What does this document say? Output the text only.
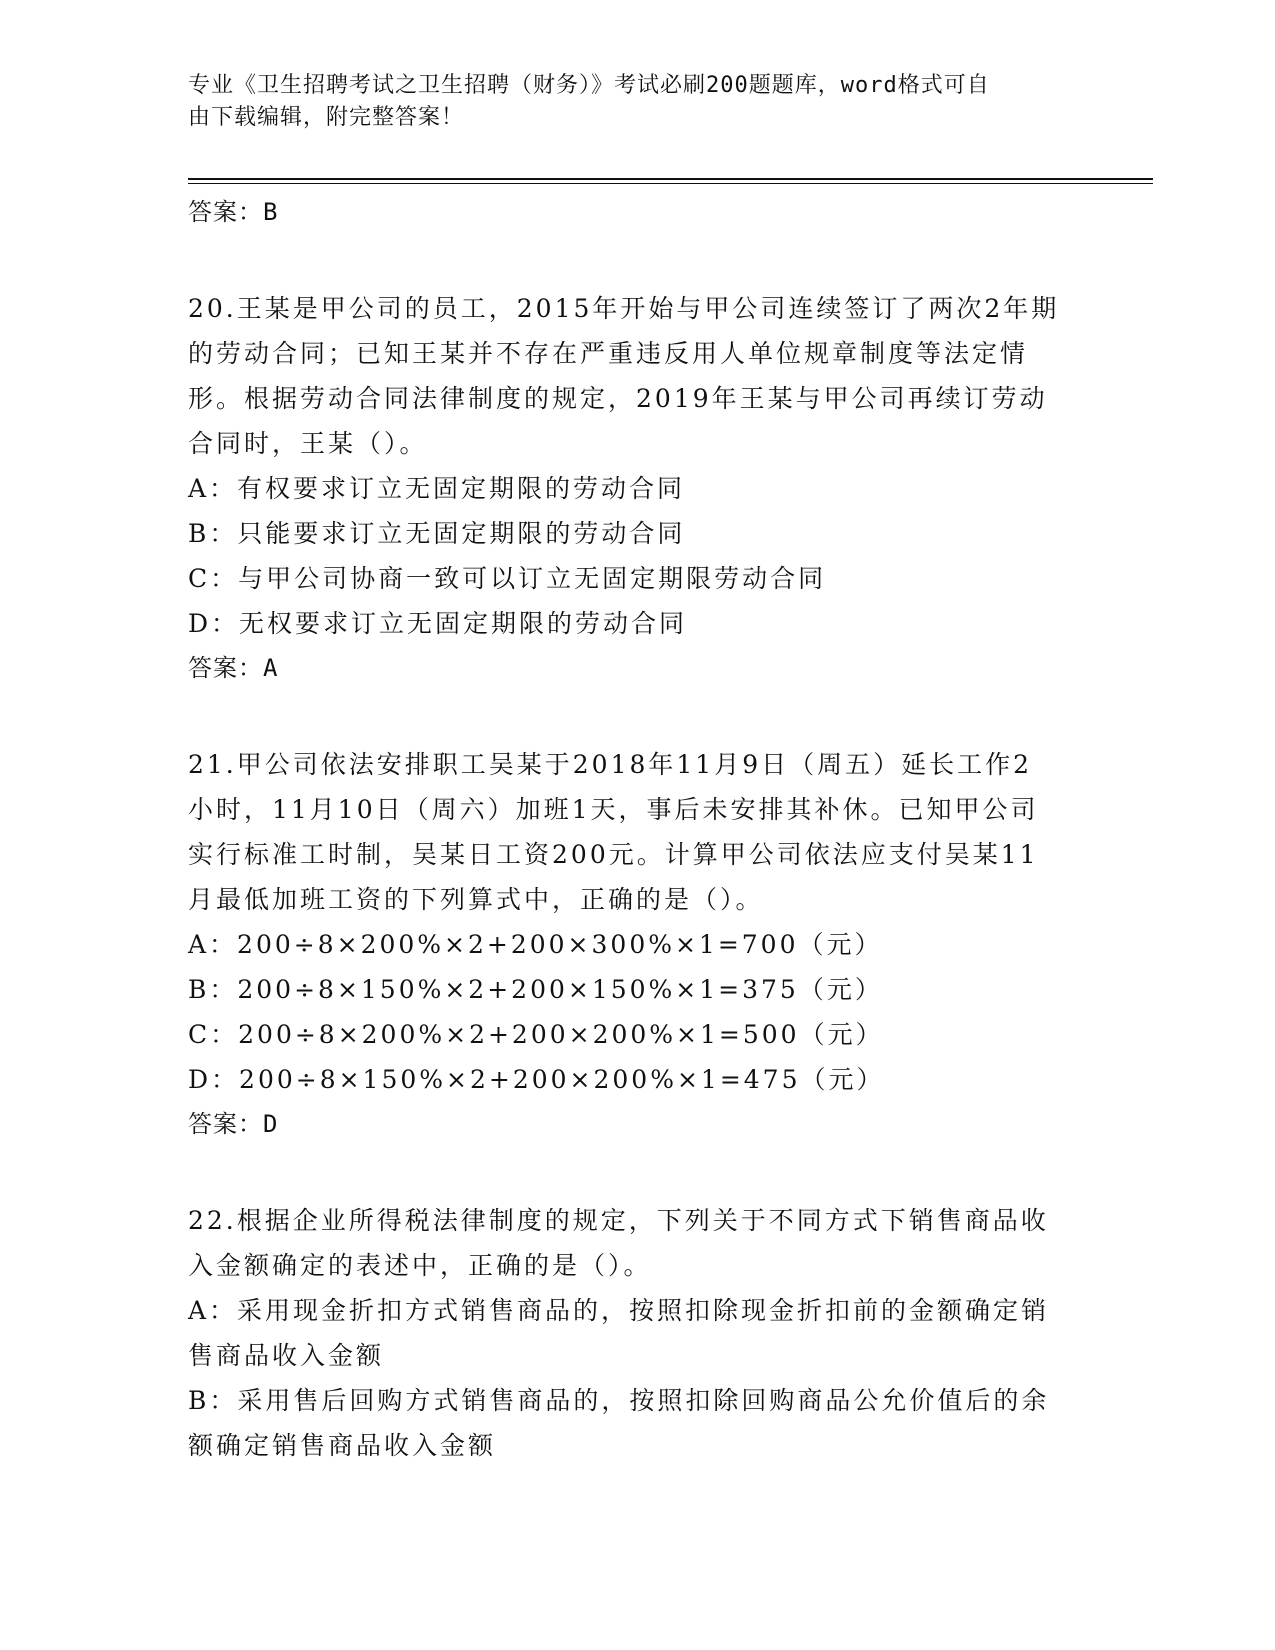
专业《卫生招聘考试之卫生招聘（财务）》考试必刷200题题库，word格式可自
由下载编辑，附完整答案！

答案：B

20.王某是甲公司的员工，2015年开始与甲公司连续签订了两次2年期

的劳动合同；已知王某并不存在严重违反用人单位规章制度等法定情

形。根据劳动合同法律制度的规定，2019年王某与甲公司再续订劳动

合同时，王某（）。

A：有权要求订立无固定期限的劳动合同

B：只能要求订立无固定期限的劳动合同

C：与甲公司协商一致可以订立无固定期限劳动合同

D：无权要求订立无固定期限的劳动合同

答案：A

21.甲公司依法安排职工吴某于2018年11月9日（周五）延长工作2

小时，11月10日（周六）加班1天，事后未安排其补休。已知甲公司

实行标准工时制，吴某日工资200元。计算甲公司依法应支付吴某11

月最低加班工资的下列算式中，正确的是（）。

A：200÷8×200%×2+200×300%×1=700（元）

B：200÷8×150%×2+200×150%×1=375（元）

C：200÷8×200%×2+200×200%×1=500（元）

D：200÷8×150%×2+200×200%×1=475（元）

答案：D

22.根据企业所得税法律制度的规定，下列关于不同方式下销售商品收

入金额确定的表述中，正确的是（）。

A：采用现金折扣方式销售商品的，按照扣除现金折扣前的金额确定销

售商品收入金额

B：采用售后回购方式销售商品的，按照扣除回购商品公允价值后的余

额确定销售商品收入金额
